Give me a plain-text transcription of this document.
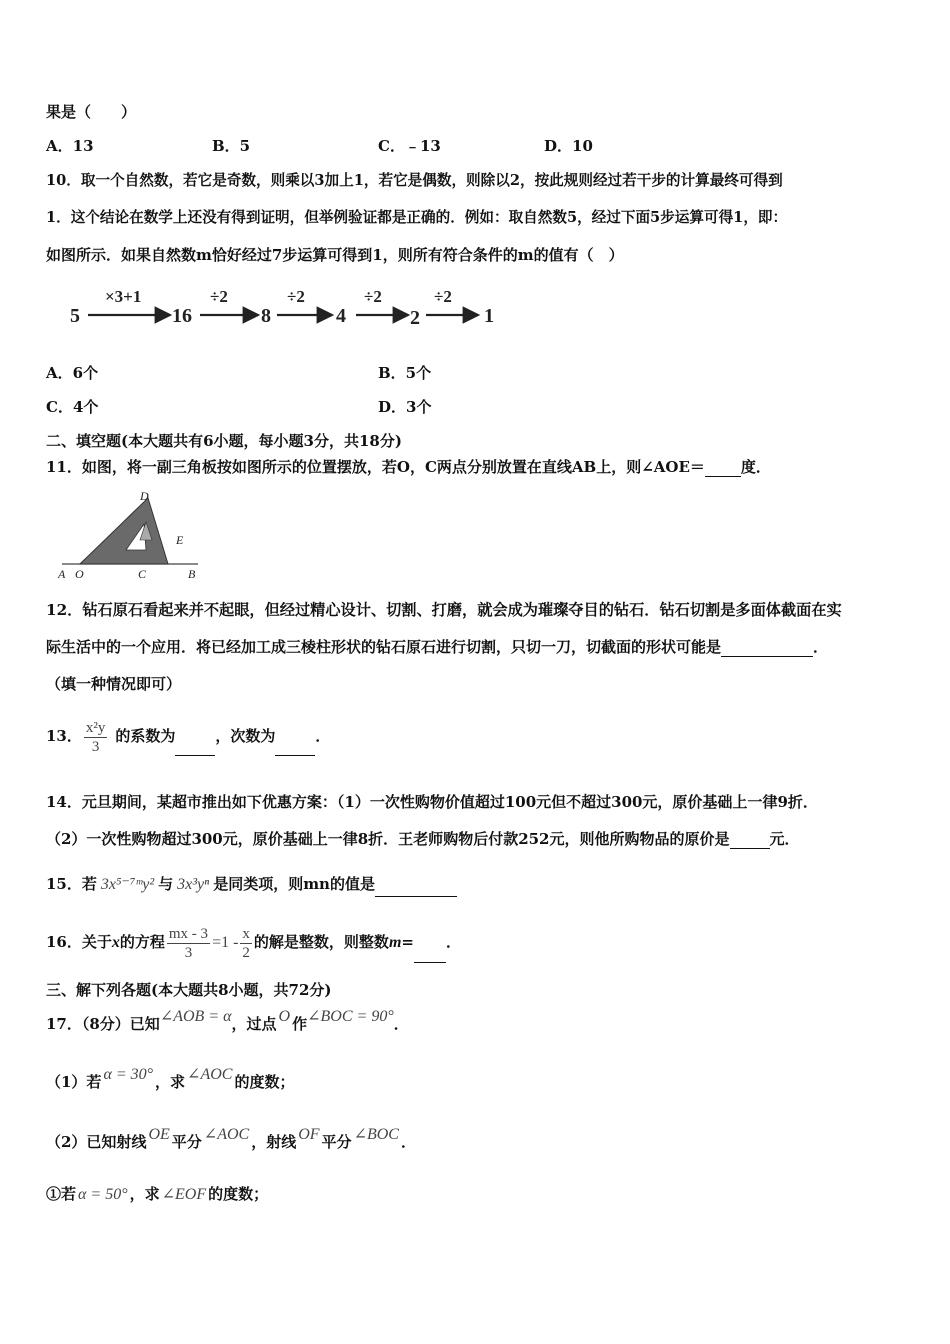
果是（　　）
A．13	B．5	C．﹣13	D．10
10．取一个自然数，若它是奇数，则乘以3加上1，若它是偶数，则除以2，按此规则经过若干步的计算最终可得到
1．这个结论在数学上还没有得到证明，但举例验证都是正确的．例如：取自然数5，经过下面5步运算可得1，即：
如图所示．如果自然数m恰好经过7步运算可得到1，则所有符合条件的m的值有（　）
5
×3+1
16
÷2
8
÷2
4
÷2
2
÷2
1
A．6个	B．5个
C．4个	D．3个
二、填空题(本大题共有6小题，每小题3分，共18分)
11．如图，将一副三角板按如图所示的位置摆放，若O，C两点分别放置在直线AB上，则∠AOE＝ 度．
D
E
A O	C	B
12．钻石原石看起来并不起眼，但经过精心设计、切割、打磨，就会成为璀璨夺目的钻石．钻石切割是多面体截面在实
际生活中的一个应用．将已经加工成三棱柱形状的钻石原石进行切割，只切一刀，切截面的形状可能是	．
（填一种情况即可）
13． $\frac{\text{x²y}}{3}$ 的系数为	，次数为	．
14．元旦期间，某超市推出如下优惠方案：（1）一次性购物价值超过100元但不超过300元，原价基础上一律9折．
（2）一次性购物超过300元，原价基础上一律8折．王老师购物后付款252元，则他所购物品的原价是	元．
15．若 3x⁵⁻⁷ᵐy² 与 3x³yⁿ 是同类项，则mn的值是
16．关于x的方程 $\frac{mx - 3}{3} =1 - \frac{x}{2}$ 的解是整数，则整数m= ．
三、解下列各题(本大题共8小题，共72分)
17．（8分）已知∠AOB = α，过点 O 作∠BOC = 90°．
（1）若 α = 30° ，求 ∠AOC 的度数；
（2）已知射线 OE 平分 ∠AOC ，射线 OF 平分 ∠BOC ．
①若 α = 50° ，求 ∠EOF 的度数；
